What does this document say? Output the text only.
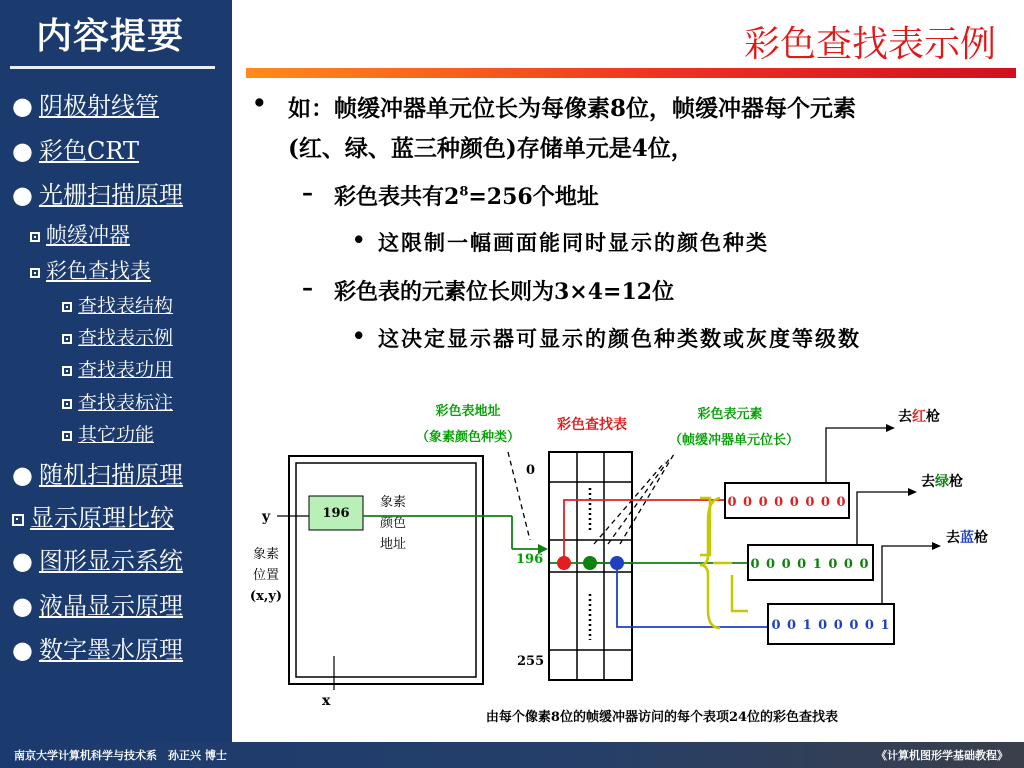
内容提要
● 阴极射线管
● 彩色CRT
● 光栅扫描原理
帧缓冲器
彩色查找表
查找表结构
查找表示例
查找表功用
查找表标注
其它功能
● 随机扫描原理
显示原理比较
● 图形显示系统
● 液晶显示原理
● 数字墨水原理
彩色查找表示例
• 如：帧缓冲器单元位长为每像素8位，帧缓冲器每个元素
(红、绿、蓝三种颜色)存储单元是4位，
– 彩色表共有$2^8=256$个地址
• 这限制一幅画面能同时显示的颜色种类
– 彩色表的元素位长则为3×4=12位
• 这决定显示器可显示的颜色种类数或灰度等级数
彩色表地址
（象素颜色种类）
彩色查找表
彩色表元素
（帧缓冲器单元位长）
去红枪
去绿枪
去蓝枪
196
象素
颜色
地址
y
x
象素
位置
(x,y)
0
196
255
0 0 0 0 0 0 0 0
0 0 0 0 1 0 0 0
0 0 1 0 0 0 0 1
由每个像素8位的帧缓冲器访问的每个表项24位的彩色查找表
南京大学计算机科学与技术系　孙正兴 博士	《计算机图形学基础教程》
